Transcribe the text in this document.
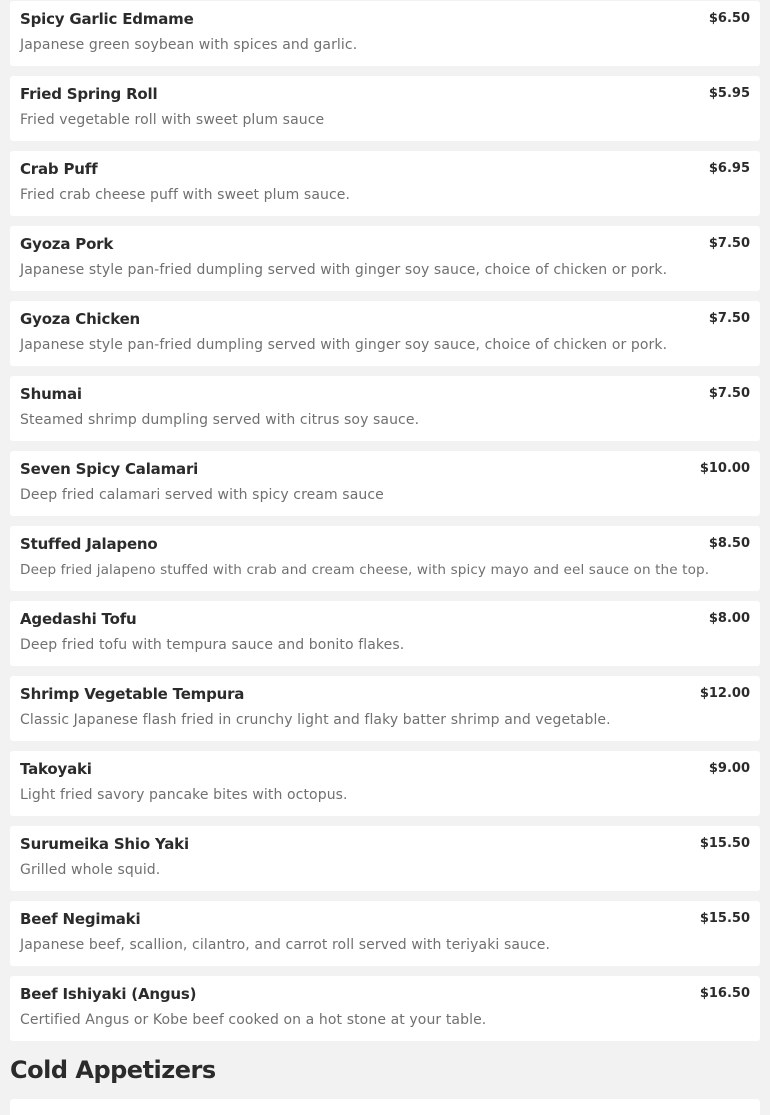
Spicy Garlic Edmame	$6.50
Japanese green soybean with spices and garlic.
Fried Spring Roll	$5.95
Fried vegetable roll with sweet plum sauce
Crab Puff	$6.95
Fried crab cheese puff with sweet plum sauce.
Gyoza Pork	$7.50
Japanese style pan-fried dumpling served with ginger soy sauce, choice of chicken or pork.
Gyoza Chicken	$7.50
Japanese style pan-fried dumpling served with ginger soy sauce, choice of chicken or pork.
Shumai	$7.50
Steamed shrimp dumpling served with citrus soy sauce.
Seven Spicy Calamari	$10.00
Deep fried calamari served with spicy cream sauce
Stuffed Jalapeno	$8.50
Deep fried jalapeno stuffed with crab and cream cheese, with spicy mayo and eel sauce on the top.
Agedashi Tofu	$8.00
Deep fried tofu with tempura sauce and bonito flakes.
Shrimp Vegetable Tempura	$12.00
Classic Japanese flash fried in crunchy light and flaky batter shrimp and vegetable.
Takoyaki	$9.00
Light fried savory pancake bites with octopus.
Surumeika Shio Yaki	$15.50
Grilled whole squid.
Beef Negimaki	$15.50
Japanese beef, scallion, cilantro, and carrot roll served with teriyaki sauce.
Beef Ishiyaki (Angus)	$16.50
Certified Angus or Kobe beef cooked on a hot stone at your table.
Cold Appetizers
